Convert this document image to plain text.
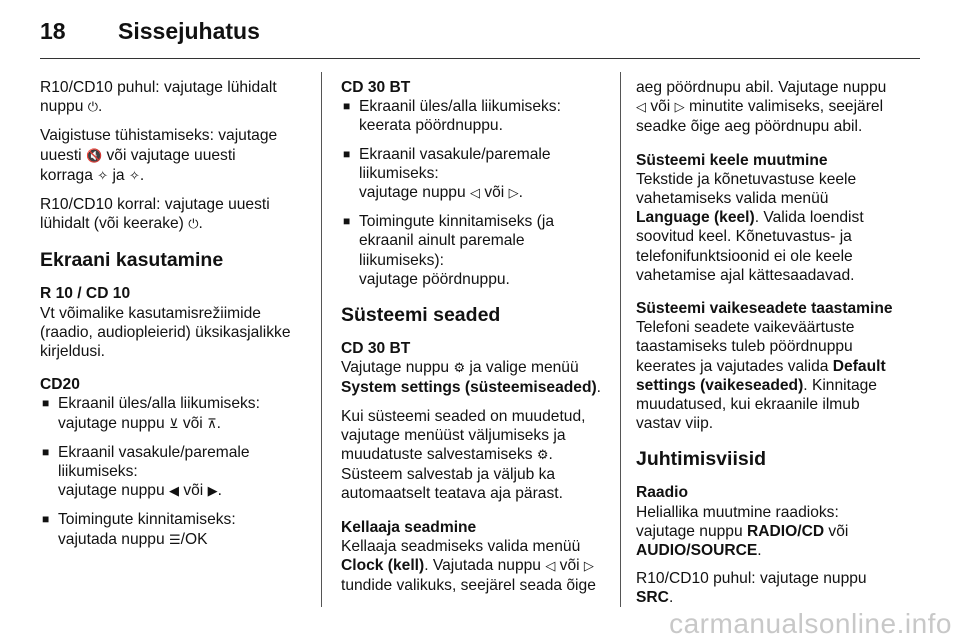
18 Sissejuhatus

R10/CD10 puhul: vajutage lühidalt
nuppu ⏻.

Vaigistuse tühistamiseks: vajutage
uuesti 🔇 või vajutage uuesti
korraga ✧ ja ✧.

R10/CD10 korral: vajutage uuesti
lühidalt (või keerake) ⏻.

Ekraani kasutamine
R 10 / CD 10

Vt võimalike kasutamisrežiimide
(raadio, audiopleierid) üksikasjalikke
kirjeldusi.

CD20
■ Ekraanil üles/alla liikumiseks:
vajutage nuppu ⊻ või ⊼.
■ Ekraanil vasakule/paremale
liikumiseks:
vajutage nuppu ◀ või ▶.
■ Toimingute kinnitamiseks:
vajutada nuppu ☰/OK
CD 30 BT
■ Ekraanil üles/alla liikumiseks:
keerata pöördnuppu.
■ Ekraanil vasakule/paremale
liikumiseks:
vajutage nuppu ◁ või ▷.
■ Toimingute kinnitamiseks (ja
ekraanil ainult paremale
liikumiseks):
vajutage pöördnuppu.
Süsteemi seaded
CD 30 BT

Vajutage nuppu ⚙ ja valige menüü
System settings (süsteemiseaded).

Kui süsteemi seaded on muudetud,
vajutage menüüst väljumiseks ja
muudatuste salvestamiseks ⚙.
Süsteem salvestab ja väljub ka
automaatselt teatava aja pärast.

Kellaaja seadmine

Kellaaja seadmiseks valida menüü
Clock (kell). Vajutada nuppu ◁ või ▷
tundide valikuks, seejärel seada õige

aeg pöördnupu abil. Vajutage nuppu
◁ või ▷ minutite valimiseks, seejärel
seadke õige aeg pöördnupu abil.

Süsteemi keele muutmine

Tekstide ja kõnetuvastuse keele
vahetamiseks valida menüü
Language (keel). Valida loendist
soovitud keel. Kõnetuvastus- ja
telefonifunktsioonid ei ole keele
vahetamise ajal kättesaadavad.

Süsteemi vaikeseadete taastamine

Telefoni seadete vaikeväärtuste
taastamiseks tuleb pöördnuppu
keerates ja vajutades valida Default
settings (vaikeseaded). Kinnitage
muudatused, kui ekraanile ilmub
vastav viip.

Juhtimisviisid
Raadio

Heliallika muutmine raadioks:
vajutage nuppu RADIO/CD või
AUDIO/SOURCE.

R10/CD10 puhul: vajutage nuppu
SRC.

carmanualsonline.info
